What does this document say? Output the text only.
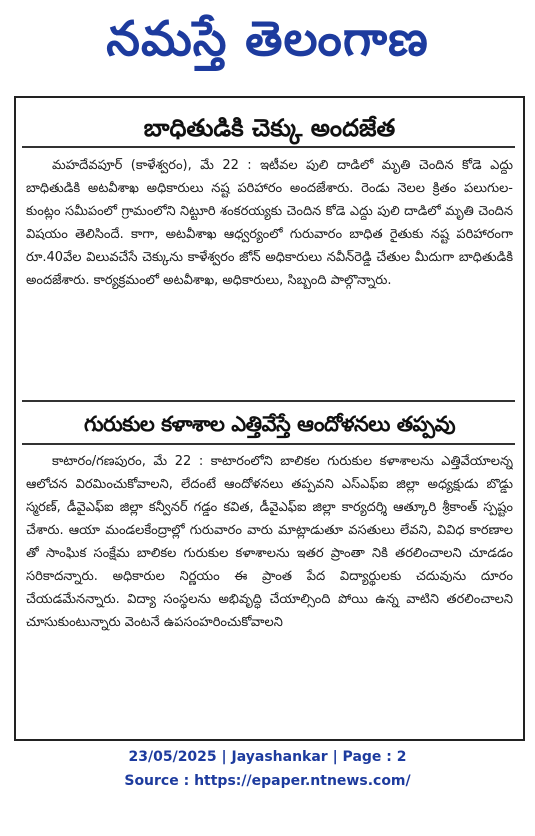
నమస్తే తెలంగాణ
బాధితుడికి చెక్కు అందజేత

మహదేవపూర్ (కాళేశ్వరం), మే 22 : ఇటీవల పులి దాడిలో మృతి చెందిన కోడె ఎద్దు బాధితుడికి అటవీశాఖ అధికారులు నష్ట పరిహారం అందజేశారు. రెండు నెలల క్రితం పలుగుల- కుంట్లం సమీపంలో గ్రామంలోని నిట్టూరి శంకరయ్యకు చెందిన కోడె ఎద్దు పులి దాడిలో మృతి చెందిన విషయం తెలిసిందే. కాగా, అటవీశాఖ ఆధ్వర్యంలో గురువారం బాధిత రైతుకు నష్ట పరిహారంగా రూ.40వేల విలువచేసే చెక్కును కాళేశ్వరం జోన్ అధికారులు నవీన్‌రెడ్డి చేతుల మీదుగా బాధితుడికి అందజేశారు. కార్యక్రమంలో అటవీశాఖ, అధికారులు, సిబ్బంది పాల్గొన్నారు.

గురుకుల కళాశాల ఎత్తివేస్తే ఆందోళనలు తప్పవు

కాటారం/గణపురం, మే 22 : కాటారంలోని బాలికల గురుకుల కళాశాలను ఎత్తివేయాలన్న ఆలోచన విరమించుకోవాలని, లేదంటే ఆందోళనలు తప్పవని ఎస్‌ఎఫ్‌ఐ జిల్లా అధ్యక్షుడు బొడ్డు స్మరణ్, డీవైఎఫ్‌ఐ జిల్లా కన్వీనర్ గడ్డం కవిత, డీవైఎఫ్‌ఐ జిల్లా కార్యదర్శి ఆత్కూరి శ్రీకాంత్ స్పష్టం చేశారు. ఆయా మండలకేంద్రాల్లో గురువారం వారు మాట్లాడుతూ వసతులు లేవని, వివిధ కారణాల తో సాంఘిక సంక్షేమ బాలికల గురుకుల కళాశాలను ఇతర ప్రాంతా నికి తరలించాలని చూడడం సరికాదన్నారు. అధికారుల నిర్ణయం ఈ ప్రాంత పేద విద్యార్థులకు చదువును దూరం చేయడమేనన్నారు. విద్యా సంస్థలను అభివృద్ధి చేయాల్సింది పోయి ఉన్న వాటిని తరలించాలని చూసుకుంటున్నారు వెంటనే ఉపసంహరించుకోవాలని

23/05/2025 | Jayashankar | Page : 2
Source : https://epaper.ntnews.com/
